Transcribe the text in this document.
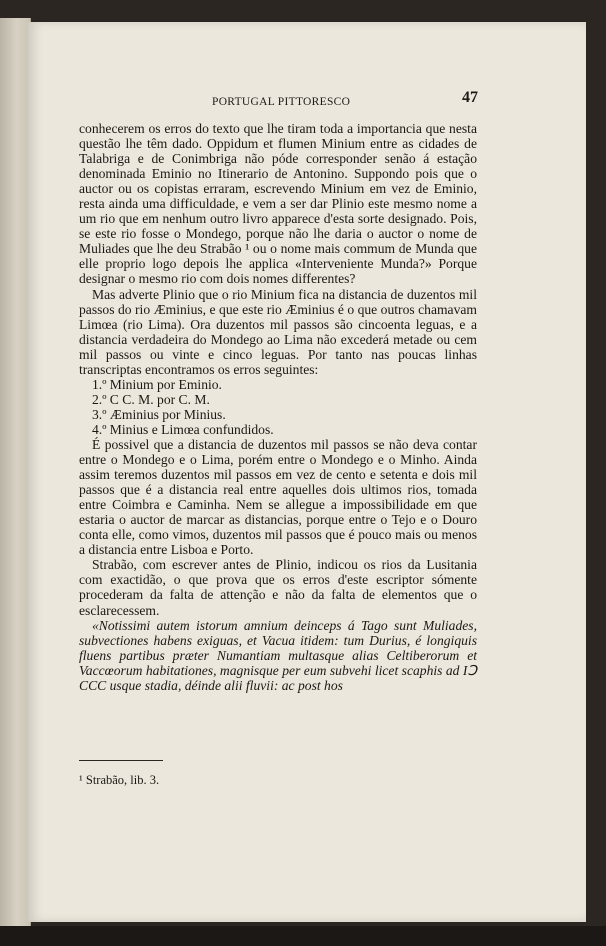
PORTUGAL PITTORESCO	47

conhecerem os erros do texto que lhe tiram toda a importancia que nesta questão lhe têm dado. Oppidum et flumen Minium entre as cidades de Talabriga e de Conimbriga não póde corresponder senão á estação denominada Eminio no Itinerario de Antonino. Suppondo pois que o auctor ou os copistas erraram, escrevendo Minium em vez de Eminio, resta ainda uma difficuldade, e vem a ser dar Plinio este mesmo nome a um rio que em nenhum outro livro apparece d'esta sorte designado. Pois, se este rio fosse o Mondego, porque não lhe daria o auctor o nome de Muliades que lhe deu Strabão ¹ ou o nome mais commum de Munda que elle proprio logo depois lhe applica «Interveniente Munda?» Porque designar o mesmo rio com dois nomes differentes?

Mas adverte Plinio que o rio Minium fica na distancia de duzentos mil passos do rio Æminius, e que este rio Æminius é o que outros chamavam Limœa (rio Lima). Ora duzentos mil passos são cincoenta leguas, e a distancia verdadeira do Mondego ao Lima não excederá metade ou cem mil passos ou vinte e cinco leguas. Por tanto nas poucas linhas transcriptas encontramos os erros seguintes:

1.º Minium por Eminio.

2.º C C. M. por C. M.

3.º Æminius por Minius.

4.º Minius e Limœa confundidos.

É possivel que a distancia de duzentos mil passos se não deva contar entre o Mondego e o Lima, porém entre o Mondego e o Minho. Ainda assim teremos duzentos mil passos em vez de cento e setenta e dois mil passos que é a distancia real entre aquelles dois ultimos rios, tomada entre Coimbra e Caminha. Nem se allegue a impossibilidade em que estaria o auctor de marcar as distancias, porque entre o Tejo e o Douro conta elle, como vimos, duzentos mil passos que é pouco mais ou menos a distancia entre Lisboa e Porto.

Strabão, com escrever antes de Plinio, indicou os rios da Lusitania com exactidão, o que prova que os erros d'este escriptor sómente procederam da falta de attenção e não da falta de elementos que o esclarecessem.

«Notissimi autem istorum amnium deinceps á Tago sunt Muliades, subvectiones habens exiguas, et Vacua itidem: tum Durius, é longiquis fluens partibus præter Numantiam multasque alias Celtiberorum et Vaccœorum habitationes, magnisque per eum subvehi licet scaphis ad IↃ CCC usque stadia, déinde alii fluvii: ac post hos

¹ Strabão, lib. 3.
